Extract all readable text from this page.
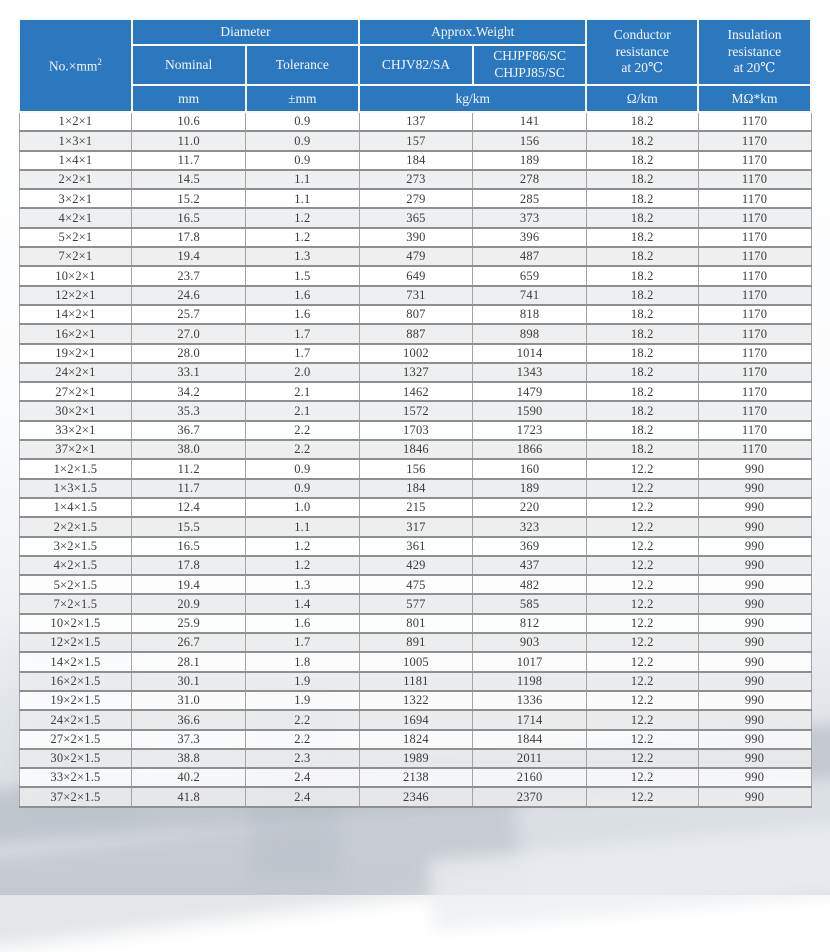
$No.\times mm^2$	Diameter		Approx.Weight		Conductor
resistance
at 20℃	Insulation
resistance
at 20℃

	Nominal	Tolerance	CHJV82/SA	CHJPF86/SC
CHJPJ85/SC		

	mm	±mm	kg/km		Ω/km	MΩ*km
1×2×1	10.6	0.9	137	141	18.2	1170
1×3×1	11.0	0.9	157	156	18.2	1170
1×4×1	11.7	0.9	184	189	18.2	1170
2×2×1	14.5	1.1	273	278	18.2	1170
3×2×1	15.2	1.1	279	285	18.2	1170
4×2×1	16.5	1.2	365	373	18.2	1170
5×2×1	17.8	1.2	390	396	18.2	1170
7×2×1	19.4	1.3	479	487	18.2	1170
10×2×1	23.7	1.5	649	659	18.2	1170
12×2×1	24.6	1.6	731	741	18.2	1170
14×2×1	25.7	1.6	807	818	18.2	1170
16×2×1	27.0	1.7	887	898	18.2	1170
19×2×1	28.0	1.7	1002	1014	18.2	1170
24×2×1	33.1	2.0	1327	1343	18.2	1170
27×2×1	34.2	2.1	1462	1479	18.2	1170
30×2×1	35.3	2.1	1572	1590	18.2	1170
33×2×1	36.7	2.2	1703	1723	18.2	1170
37×2×1	38.0	2.2	1846	1866	18.2	1170
1×2×1.5	11.2	0.9	156	160	12.2	990
1×3×1.5	11.7	0.9	184	189	12.2	990
1×4×1.5	12.4	1.0	215	220	12.2	990
2×2×1.5	15.5	1.1	317	323	12.2	990
3×2×1.5	16.5	1.2	361	369	12.2	990
4×2×1.5	17.8	1.2	429	437	12.2	990
5×2×1.5	19.4	1.3	475	482	12.2	990
7×2×1.5	20.9	1.4	577	585	12.2	990
10×2×1.5	25.9	1.6	801	812	12.2	990
12×2×1.5	26.7	1.7	891	903	12.2	990
14×2×1.5	28.1	1.8	1005	1017	12.2	990
16×2×1.5	30.1	1.9	1181	1198	12.2	990
19×2×1.5	31.0	1.9	1322	1336	12.2	990
24×2×1.5	36.6	2.2	1694	1714	12.2	990
27×2×1.5	37.3	2.2	1824	1844	12.2	990
30×2×1.5	38.8	2.3	1989	2011	12.2	990
33×2×1.5	40.2	2.4	2138	2160	12.2	990
37×2×1.5	41.8	2.4	2346	2370	12.2	990
